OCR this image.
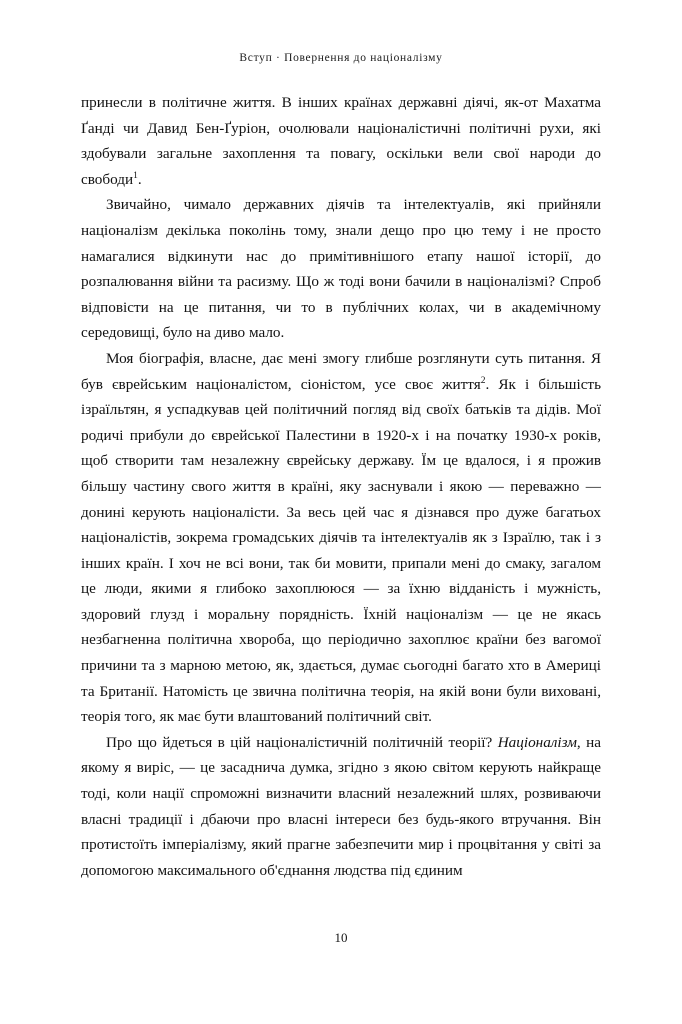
Вступ · Повернення до націоналізму

принесли в політичне життя. В інших країнах державні діячі, як-от Махатма Ґанді чи Давид Бен-Ґуріон, очолювали націоналістичні політичні рухи, які здобували загальне захоплення та повагу, оскільки вели свої народи до свободи$^1$.

Звичайно, чимало державних діячів та інтелектуалів, які прийняли націоналізм декілька поколінь тому, знали дещо про цю тему і не просто намагалися відкинути нас до примітивнішого етапу нашої історії, до розпалювання війни та расизму. Що ж тоді вони бачили в націоналізмі? Спроб відповісти на це питання, чи то в публічних колах, чи в академічному середовищі, було на диво мало.

Моя біографія, власне, дає мені змогу глибше розглянути суть питання. Я був єврейським націоналістом, сіоністом, усе своє життя$^2$. Як і більшість ізраїльтян, я успадкував цей політичний погляд від своїх батьків та дідів. Мої родичі прибули до єврейської Палестини в 1920-х і на початку 1930-х років, щоб створити там незалежну єврейську державу. Їм це вдалося, і я прожив більшу частину свого життя в країні, яку заснували і якою — переважно — донині керують націоналісти. За весь цей час я дізнався про дуже багатьох націоналістів, зокрема громадських діячів та інтелектуалів як з Ізраїлю, так і з інших країн. І хоч не всі вони, так би мовити, припали мені до смаку, загалом це люди, якими я глибоко захоплююся — за їхню відданість і мужність, здоровий глузд і моральну порядність. Їхній націоналізм — це не якась незбагненна політична хвороба, що періодично захоплює країни без вагомої причини та з марною метою, як, здається, думає сьогодні багато хто в Америці та Британії. Натомість це звична політична теорія, на якій вони були виховані, теорія того, як має бути влаштований політичний світ.

Про що йдеться в цій націоналістичній політичній теорії? Націоналізм, на якому я виріс, — це засаднича думка, згідно з якою світом керують найкраще тоді, коли нації спроможні визначити власний незалежний шлях, розвиваючи власні традиції і дбаючи про власні інтереси без будь-якого втручання. Він протистоїть імперіалізму, який прагне забезпечити мир і процвітання у світі за допомогою максимального об'єднання людства під єдиним

10
